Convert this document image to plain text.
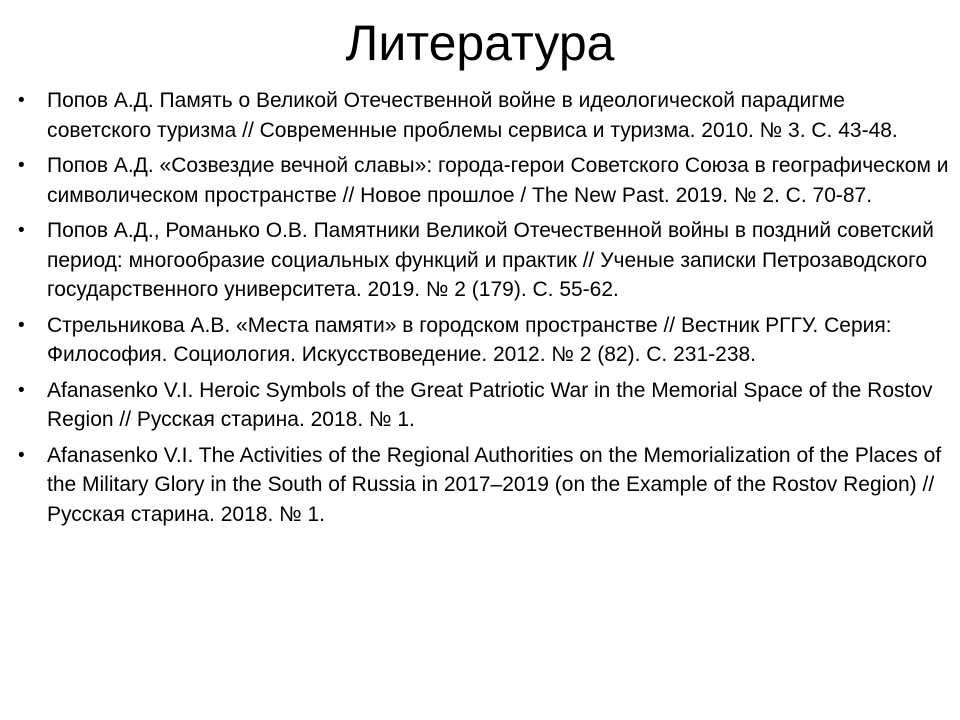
Литература
•	Попов А.Д. Память о Великой Отечественной войне в идеологической парадигме советского туризма // Современные проблемы сервиса и туризма. 2010. № 3. С. 43-48.
•	Попов А.Д. «Созвездие вечной славы»: города-герои Советского Союза в географическом и символическом пространстве // Новое прошлое / The New Past. 2019. № 2. С. 70-87.
•	Попов А.Д., Романько О.В. Памятники Великой Отечественной войны в поздний советский период: многообразие социальных функций и практик // Ученые записки Петрозаводского государственного университета. 2019. № 2 (179). С. 55-62.
•	Стрельникова А.В. «Места памяти» в городском пространстве // Вестник РГГУ. Серия: Философия. Социология. Искусствоведение. 2012. № 2 (82). С. 231-238.
•	Afanasenko V.I. Heroic Symbols of the Great Patriotic War in the Memorial Space of the Rostov Region // Русская старина. 2018. № 1.
•	Afanasenko V.I. The Activities of the Regional Authorities on the Memorialization of the Places of the Military Glory in the South of Russia in 2017–2019 (on the Example of the Rostov Region) // Русская старина. 2018. № 1.
